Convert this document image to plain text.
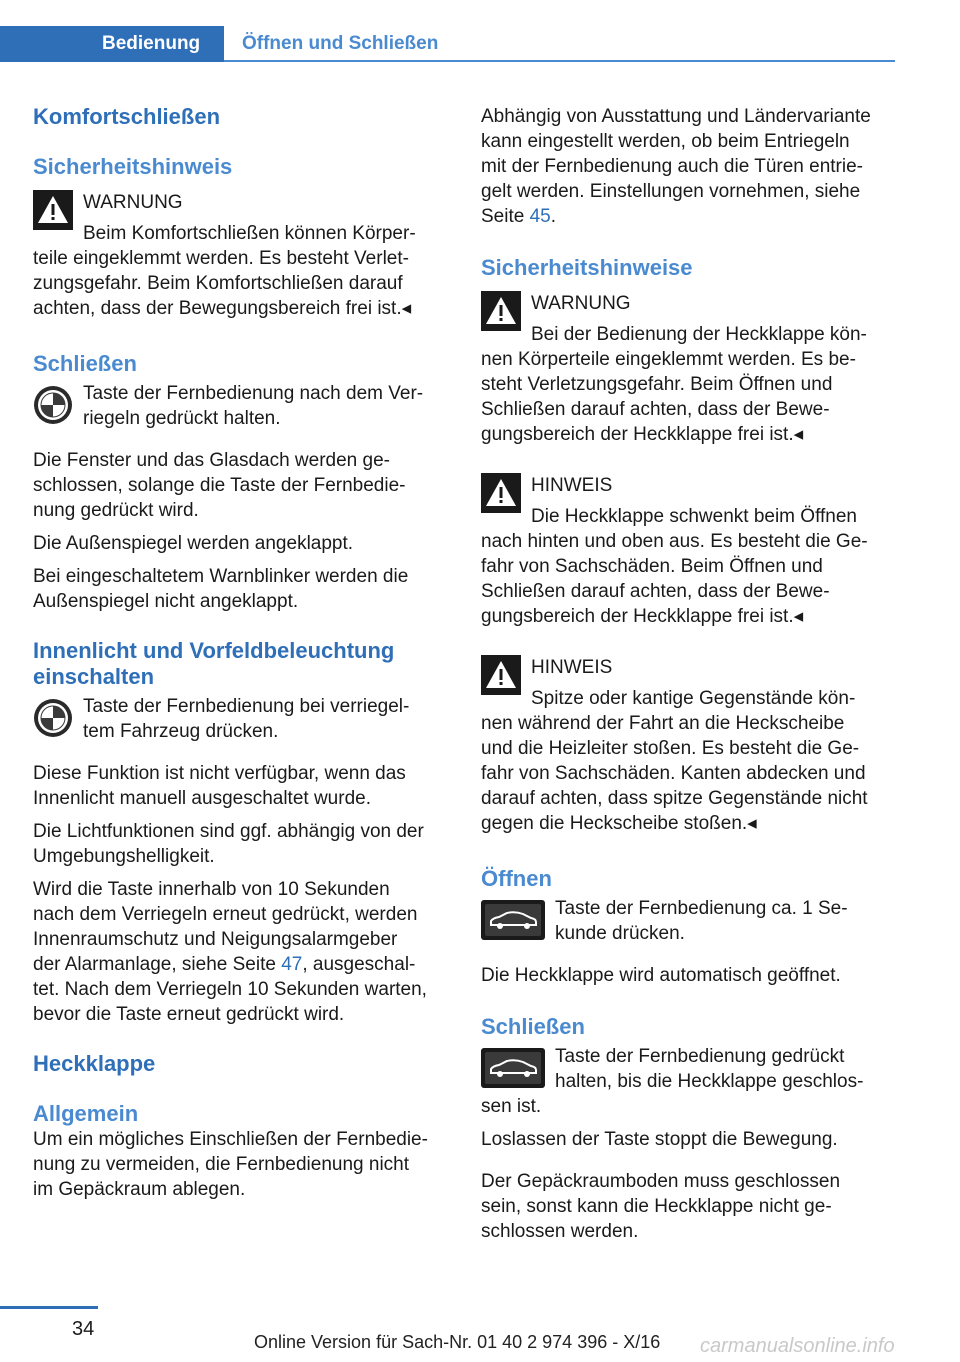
Bedienung Öffnen und Schließen
Komfortschließen
Sicherheitshinweis

WARNUNG

Beim Komfortschließen können Körper-

teile eingeklemmt werden. Es besteht Verlet-

zungsgefahr. Beim Komfortschließen darauf

achten, dass der Bewegungsbereich frei ist.◂

Schließen

Taste der Fernbedienung nach dem Ver-

riegeln gedrückt halten.

Die Fenster und das Glasdach werden ge-

schlossen, solange die Taste der Fernbedie-

nung gedrückt wird.

Die Außenspiegel werden angeklappt.

Bei eingeschaltetem Warnblinker werden die

Außenspiegel nicht angeklappt.

Innenlicht und Vorfeldbeleuchtung
einschalten

Taste der Fernbedienung bei verriegel-

tem Fahrzeug drücken.

Diese Funktion ist nicht verfügbar, wenn das

Innenlicht manuell ausgeschaltet wurde.

Die Lichtfunktionen sind ggf. abhängig von der

Umgebungshelligkeit.

Wird die Taste innerhalb von 10 Sekunden

nach dem Verriegeln erneut gedrückt, werden

Innenraumschutz und Neigungsalarmgeber

der Alarmanlage, siehe Seite 47, ausgeschal-

tet. Nach dem Verriegeln 10 Sekunden warten,

bevor die Taste erneut gedrückt wird.

Heckklappe
Allgemein

Um ein mögliches Einschließen der Fernbedie-

nung zu vermeiden, die Fernbedienung nicht

im Gepäckraum ablegen.

Abhängig von Ausstattung und Ländervariante

kann eingestellt werden, ob beim Entriegeln

mit der Fernbedienung auch die Türen entrie-

gelt werden. Einstellungen vornehmen, siehe

Seite 45.

Sicherheitshinweise

WARNUNG

Bei der Bedienung der Heckklappe kön-

nen Körperteile eingeklemmt werden. Es be-

steht Verletzungsgefahr. Beim Öffnen und

Schließen darauf achten, dass der Bewe-

gungsbereich der Heckklappe frei ist.◂

HINWEIS

Die Heckklappe schwenkt beim Öffnen

nach hinten und oben aus. Es besteht die Ge-

fahr von Sachschäden. Beim Öffnen und

Schließen darauf achten, dass der Bewe-

gungsbereich der Heckklappe frei ist.◂

HINWEIS

Spitze oder kantige Gegenstände kön-

nen während der Fahrt an die Heckscheibe

und die Heizleiter stoßen. Es besteht die Ge-

fahr von Sachschäden. Kanten abdecken und

darauf achten, dass spitze Gegenstände nicht

gegen die Heckscheibe stoßen.◂

Öffnen

Taste der Fernbedienung ca. 1 Se-

kunde drücken.

Die Heckklappe wird automatisch geöffnet.

Schließen

Taste der Fernbedienung gedrückt

halten, bis die Heckklappe geschlos-

sen ist.

Loslassen der Taste stoppt die Bewegung.

Der Gepäckraumboden muss geschlossen

sein, sonst kann die Heckklappe nicht ge-

schlossen werden.

34
Online Version für Sach-Nr. 01 40 2 974 396 - X/16 carmanualsonline.info
